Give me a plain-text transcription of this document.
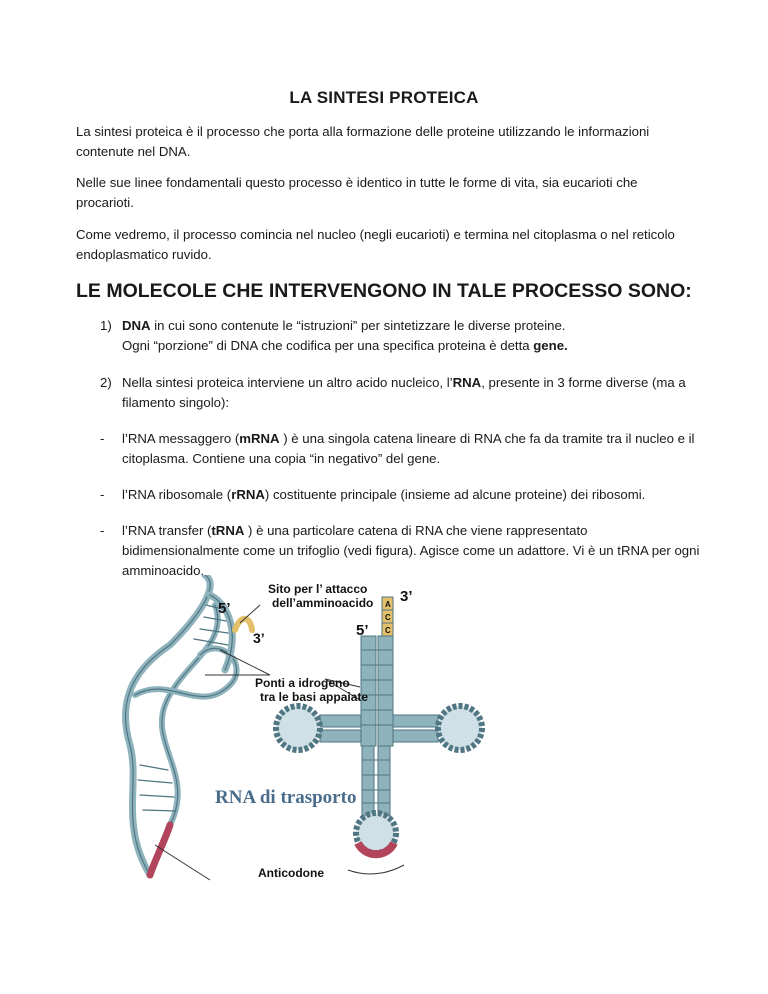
LA SINTESI PROTEICA

La sintesi proteica è il processo che porta alla formazione delle proteine utilizzando le informazioni contenute nel DNA.

Nelle sue linee fondamentali questo processo è identico in tutte le forme di vita, sia eucarioti che procarioti.

Come vedremo, il processo comincia nel nucleo (negli eucarioti) e termina nel citoplasma o nel reticolo endoplasmatico ruvido.

LE MOLECOLE CHE INTERVENGONO IN TALE PROCESSO SONO:
1) DNA in cui sono contenute le “istruzioni” per sintetizzare le diverse proteine.
Ogni “porzione” di DNA che codifica per una specifica proteina è detta gene.
2) Nella sintesi proteica interviene un altro acido nucleico, l’RNA, presente in 3 forme diverse (ma a filamento singolo):
- l’RNA messaggero (mRNA ) è una singola catena lineare di RNA che fa da tramite tra il nucleo e il citoplasma. Contiene una copia “in negativo” del gene.
- l’RNA ribosomale (rRNA) costituente principale (insieme ad alcune proteine) dei ribosomi.
- l’RNA transfer (tRNA ) è una particolare catena di RNA che viene rappresentato bidimensionalmente come un trifoglio (vedi figura). Agisce come un adattore. Vi è un tRNA per ogni amminoacido.
Sito per l’ attacco
dell’amminoacido
5’
3’
3’
5’
Ponti a idrogeno
tra le basi appaiate
RNA di trasporto
Anticodone
A
C
C
